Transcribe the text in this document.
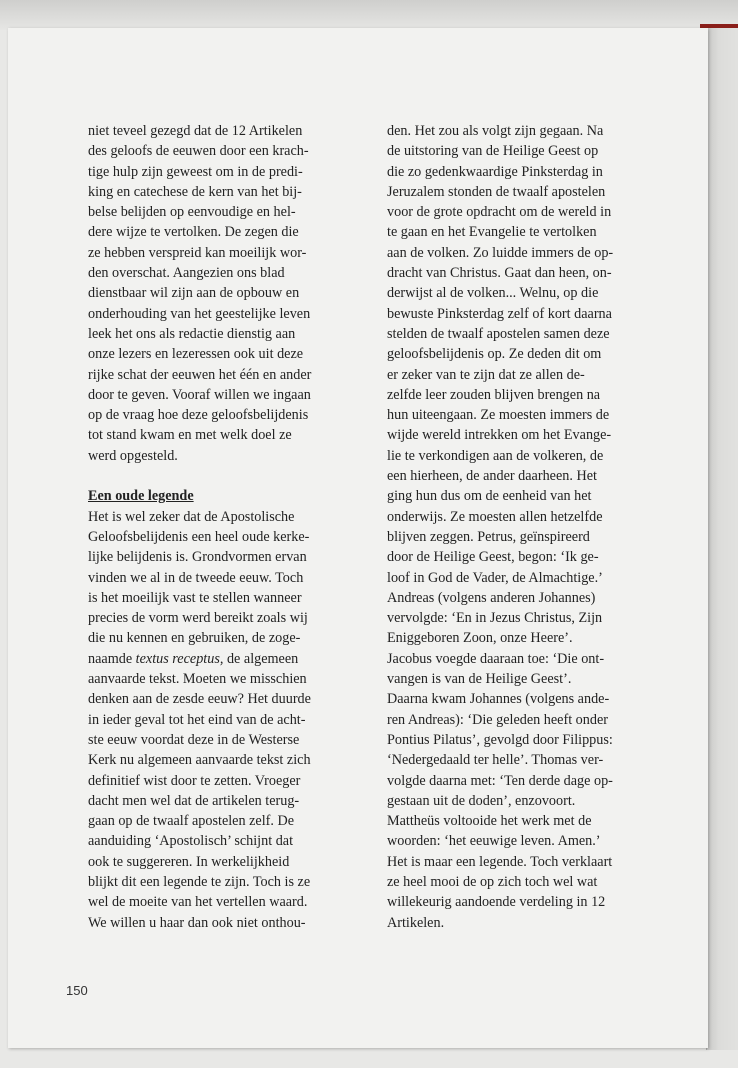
niet teveel gezegd dat de 12 Artikelen
des geloofs de eeuwen door een krach-
tige hulp zijn geweest om in de predi-
king en catechese de kern van het bij-
belse belijden op eenvoudige en hel-
dere wijze te vertolken. De zegen die
ze hebben verspreid kan moeilijk wor-
den overschat. Aangezien ons blad
dienstbaar wil zijn aan de opbouw en
onderhouding van het geestelijke leven
leek het ons als redactie dienstig aan
onze lezers en lezeressen ook uit deze
rijke schat der eeuwen het één en ander
door te geven. Vooraf willen we ingaan
op de vraag hoe deze geloofsbelijdenis
tot stand kwam en met welk doel ze
werd opgesteld.
Een oude legende
Het is wel zeker dat de Apostolische
Geloofsbelijdenis een heel oude kerke-
lijke belijdenis is. Grondvormen ervan
vinden we al in de tweede eeuw. Toch
is het moeilijk vast te stellen wanneer
precies de vorm werd bereikt zoals wij
die nu kennen en gebruiken, de zoge-
naamde textus receptus, de algemeen
aanvaarde tekst. Moeten we misschien
denken aan de zesde eeuw? Het duurde
in ieder geval tot het eind van de acht-
ste eeuw voordat deze in de Westerse
Kerk nu algemeen aanvaarde tekst zich
definitief wist door te zetten. Vroeger
dacht men wel dat de artikelen terug-
gaan op de twaalf apostelen zelf. De
aanduiding ‘Apostolisch’ schijnt dat
ook te suggereren. In werkelijkheid
blijkt dit een legende te zijn. Toch is ze
wel de moeite van het vertellen waard.
We willen u haar dan ook niet onthou-
den. Het zou als volgt zijn gegaan. Na
de uitstoring van de Heilige Geest op
die zo gedenkwaardige Pinksterdag in
Jeruzalem stonden de twaalf apostelen
voor de grote opdracht om de wereld in
te gaan en het Evangelie te vertolken
aan de volken. Zo luidde immers de op-
dracht van Christus. Gaat dan heen, on-
derwijst al de volken... Welnu, op die
bewuste Pinksterdag zelf of kort daarna
stelden de twaalf apostelen samen deze
geloofsbelijdenis op. Ze deden dit om
er zeker van te zijn dat ze allen de-
zelfde leer zouden blijven brengen na
hun uiteengaan. Ze moesten immers de
wijde wereld intrekken om het Evange-
lie te verkondigen aan de volkeren, de
een hierheen, de ander daarheen. Het
ging hun dus om de eenheid van het
onderwijs. Ze moesten allen hetzelfde
blijven zeggen. Petrus, geïnspireerd
door de Heilige Geest, begon: ‘Ik ge-
loof in God de Vader, de Almachtige.’
Andreas (volgens anderen Johannes)
vervolgde: ‘En in Jezus Christus, Zijn
Eniggeboren Zoon, onze Heere’.
Jacobus voegde daaraan toe: ‘Die ont-
vangen is van de Heilige Geest’.
Daarna kwam Johannes (volgens ande-
ren Andreas): ‘Die geleden heeft onder
Pontius Pilatus’, gevolgd door Filippus:
‘Nedergedaald ter helle’. Thomas ver-
volgde daarna met: ‘Ten derde dage op-
gestaan uit de doden’, enzovoort.
Mattheüs voltooide het werk met de
woorden: ‘het eeuwige leven. Amen.’
Het is maar een legende. Toch verklaart
ze heel mooi de op zich toch wel wat
willekeurig aandoende verdeling in 12
Artikelen.
150
